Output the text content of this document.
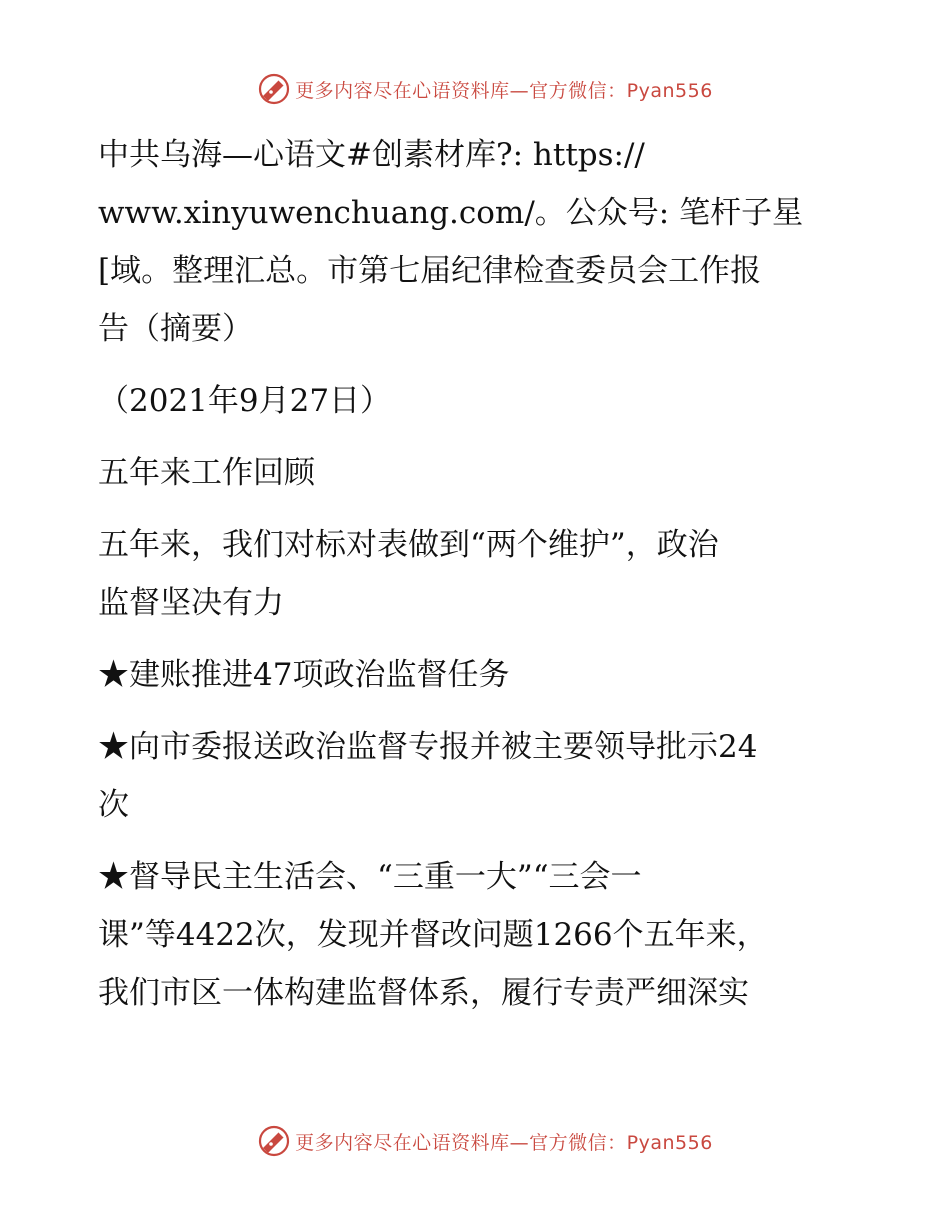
更多内容尽在心语资料库—官方微信：Pyan556

中共乌海—心语文#创素材库?: https://

www.xinyuwenchuang.com/。公众号: 笔杆子星

[域。整理汇总。市第七届纪律检查委员会工作报

告（摘要）

（2021年9月27日）

五年来工作回顾

五年来，我们对标对表做到“两个维护”，政治

监督坚决有力

★建账推进47项政治监督任务

★向市委报送政治监督专报并被主要领导批示24

次

★督导民主生活会、“三重一大”“三会一

课”等4422次，发现并督改问题1266个五年来，

我们市区一体构建监督体系，履行专责严细深实

更多内容尽在心语资料库—官方微信：Pyan556
